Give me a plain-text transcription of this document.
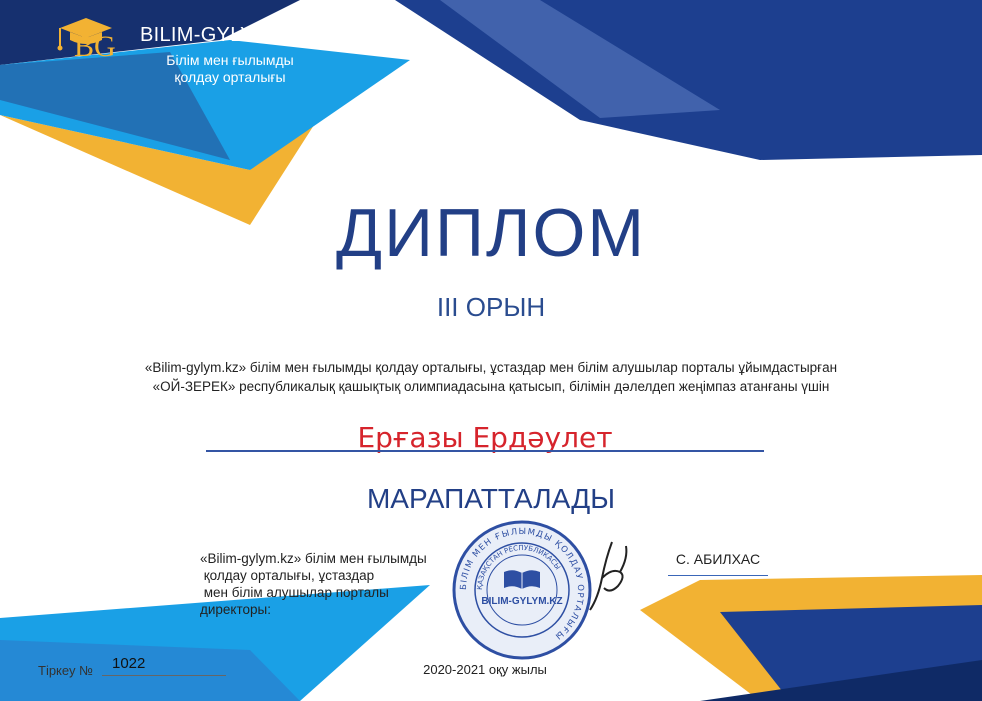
BG BILIM-GYLYM.KZ
Білім мен ғылымды
қолдау орталығы
ДИПЛОМ
III ОРЫН
«Bilim-gylym.kz» білім мен ғылымды қолдау орталығы, ұстаздар мен білім алушылар порталы ұйымдастырған
«ОЙ-ЗЕРЕК» республикалық қашықтық олимпиадасына қатысып, білімін дәлелдеп жеңімпаз атанғаны үшін
Ерғазы Ердәулет
МАРАПАТТАЛАДЫ
«Bilim-gylym.kz» білім мен ғылымды
қолдау орталығы, ұстаздар
мен білім алушылар порталы
директоры:
БІЛІМ МЕН ҒЫЛЫМДЫ ҚОЛДАУ ОРТАЛЫҒЫ
ҚАЗАҚСТАН РЕСПУБЛИКАСЫ
BILIM-GYLYM.KZ
С. АБИЛХАС
Тіркеу № 1022	2020-2021 оқу жылы
